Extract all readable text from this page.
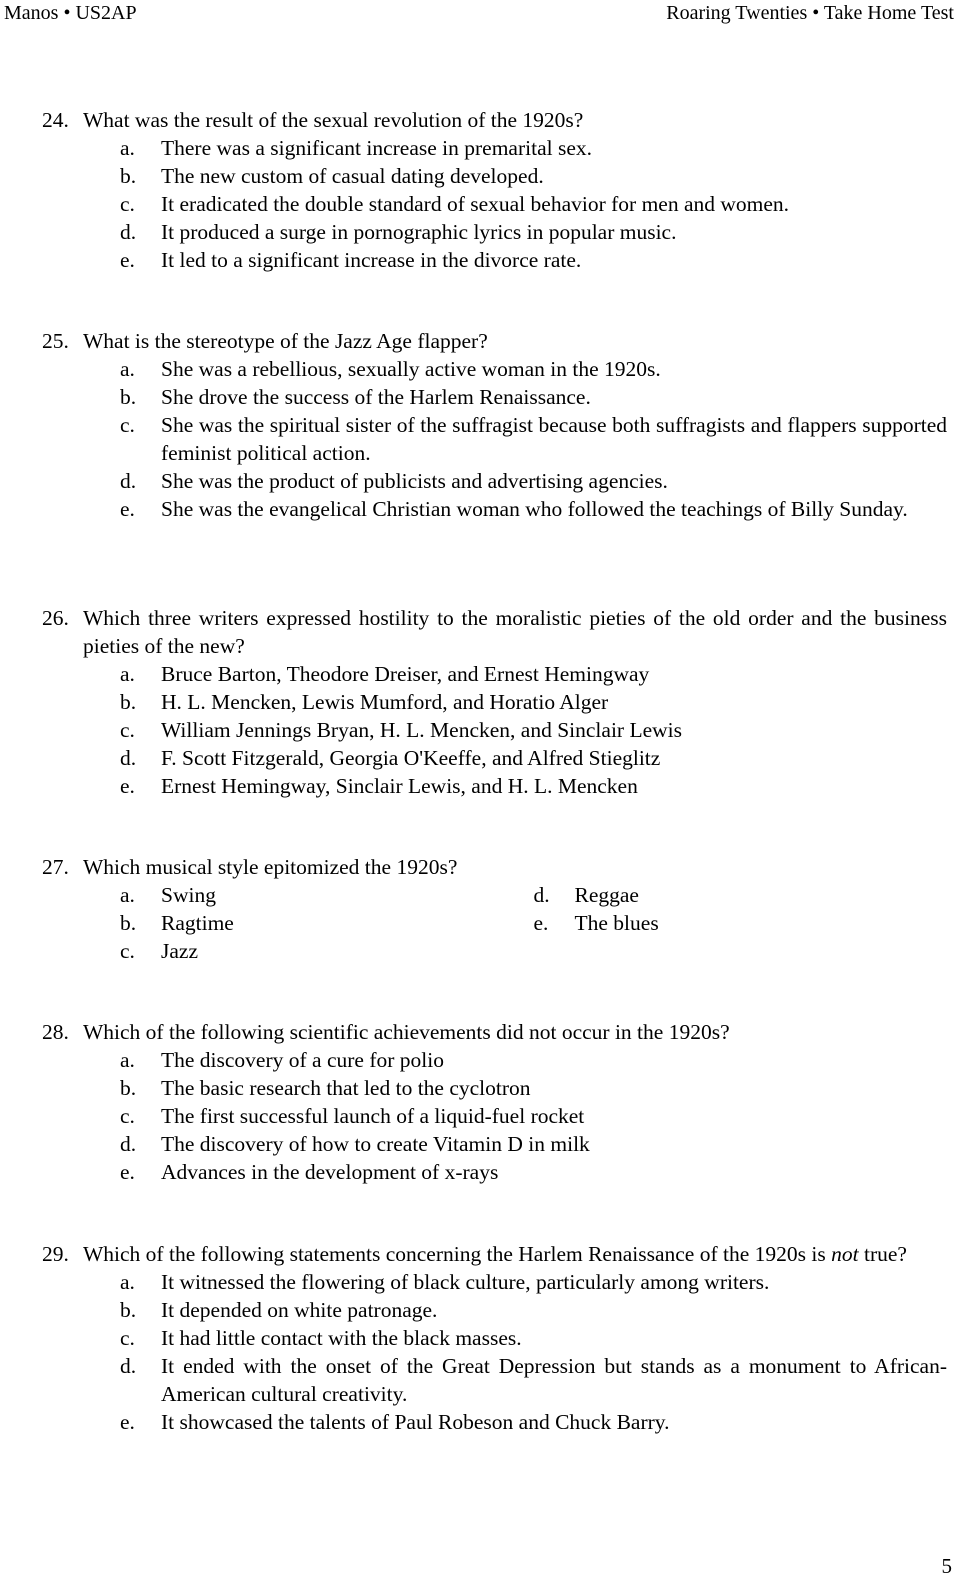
Manos • US2AP	Roaring Twenties • Take Home Test
24. What was the result of the sexual revolution of the 1920s?
a.	There was a significant increase in premarital sex.
b.	The new custom of casual dating developed.
c.	It eradicated the double standard of sexual behavior for men and women.
d.	It produced a surge in pornographic lyrics in popular music.
e.	It led to a significant increase in the divorce rate.
25. What is the stereotype of the Jazz Age flapper?
a.	She was a rebellious, sexually active woman in the 1920s.
b.	She drove the success of the Harlem Renaissance.
c.	She was the spiritual sister of the suffragist because both suffragists and flappers supported feminist political action.
d.	She was the product of publicists and advertising agencies.
e.	She was the evangelical Christian woman who followed the teachings of Billy Sunday.
26. Which three writers expressed hostility to the moralistic pieties of the old order and the business pieties of the new?
a.	Bruce Barton, Theodore Dreiser, and Ernest Hemingway
b.	H. L. Mencken, Lewis Mumford, and Horatio Alger
c.	William Jennings Bryan, H. L. Mencken, and Sinclair Lewis
d.	F. Scott Fitzgerald, Georgia O'Keeffe, and Alfred Stieglitz
e.	Ernest Hemingway, Sinclair Lewis, and H. L. Mencken
27. Which musical style epitomized the 1920s?
a.	Swing
b.	Ragtime
c.	Jazz
d.	Reggae
e.	The blues
28. Which of the following scientific achievements did not occur in the 1920s?
a.	The discovery of a cure for polio
b.	The basic research that led to the cyclotron
c.	The first successful launch of a liquid-fuel rocket
d.	The discovery of how to create Vitamin D in milk
e.	Advances in the development of x-rays
29. Which of the following statements concerning the Harlem Renaissance of the 1920s is not true?
a.	It witnessed the flowering of black culture, particularly among writers.
b.	It depended on white patronage.
c.	It had little contact with the black masses.
d.	It ended with the onset of the Great Depression but stands as a monument to African-American cultural creativity.
e.	It showcased the talents of Paul Robeson and Chuck Barry.
5
